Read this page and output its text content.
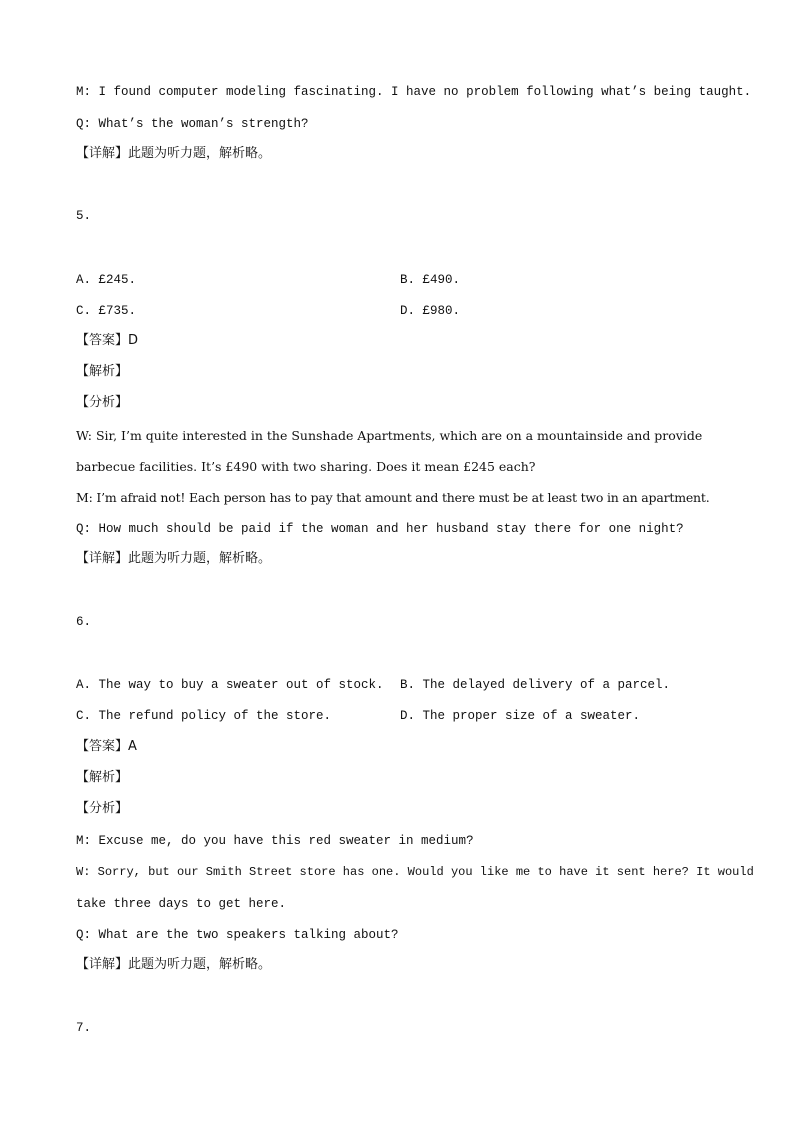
M: I found computer modeling fascinating. I have no problem following what’s being taught.
Q: What’s the woman’s strength?
【详解】此题为听力题，解析略。
5.
A. £245.	B. £490.
C. £735.	D. £980.
【答案】D
【解析】
【分析】
W: Sir, I’m quite interested in the Sunshade Apartments, which are on a mountainside and provide
barbecue facilities. It’s £490 with two sharing. Does it mean £245 each?
M: I’m afraid not! Each person has to pay that amount and there must be at least two in an apartment.
Q: How much should be paid if the woman and her husband stay there for one night?
【详解】此题为听力题，解析略。
6.
A. The way to buy a sweater out of stock. B. The delayed delivery of a parcel.
C. The refund policy of the store.	D. The proper size of a sweater.
【答案】A
【解析】
【分析】
M: Excuse me, do you have this red sweater in medium?
W: Sorry, but our Smith Street store has one. Would you like me to have it sent here? It would
take three days to get here.
Q: What are the two speakers talking about?
【详解】此题为听力题，解析略。
7.
